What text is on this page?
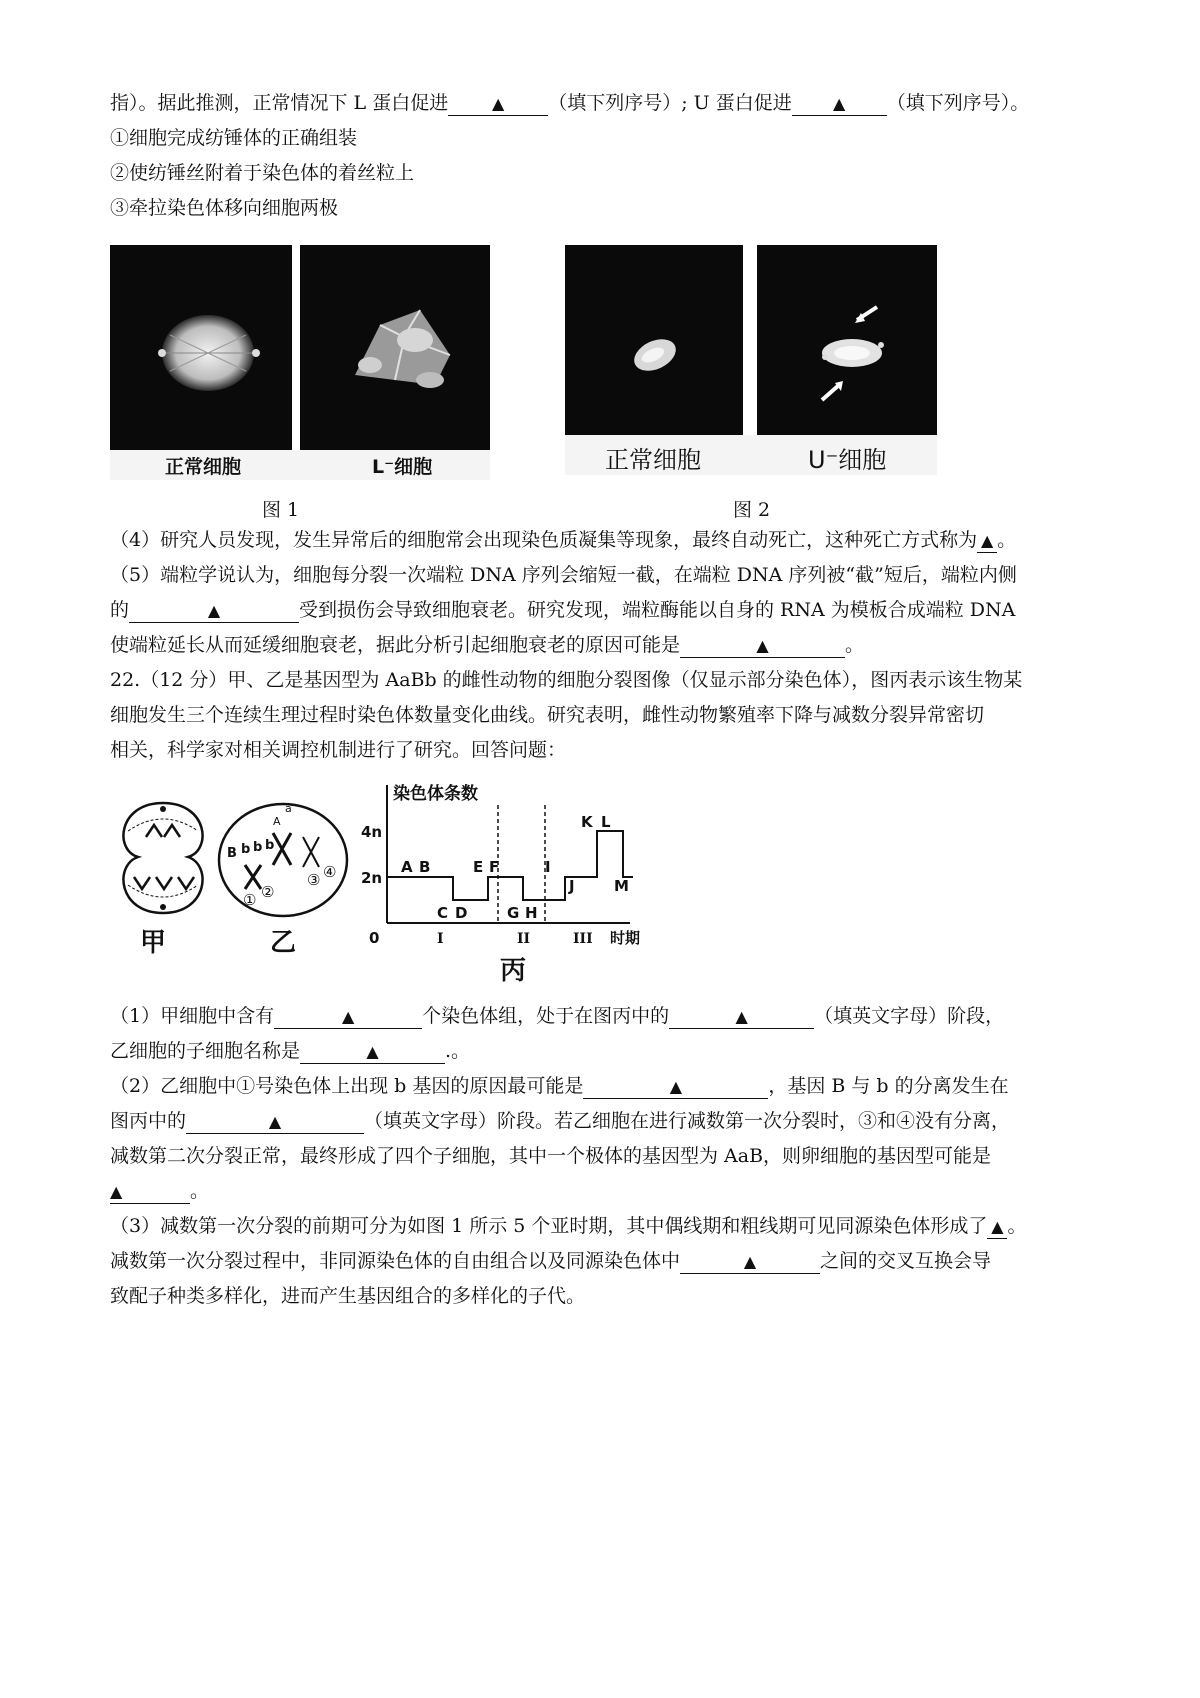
指）。据此推测，正常情况下 L 蛋白促进	▲ （填下列序号）; U 蛋白促进	▲ （填下列序号）。
①细胞完成纺锤体的正确组装
②使纺锤丝附着于染色体的着丝粒上
③牵拉染色体移向细胞两极
正常细胞	L⁻细胞
图 1
正常细胞	U⁻细胞
图 2
（4）研究人员发现，发生异常后的细胞常会出现染色质凝集等现象，最终自动死亡，这种死亡方式称为 ▲ 。
（5）端粒学说认为，细胞每分裂一次端粒 DNA 序列会缩短一截，在端粒 DNA 序列被“截”短后，端粒内侧
的	▲	受到损伤会导致细胞衰老。研究发现，端粒酶能以自身的 RNA 为模板合成端粒 DNA
使端粒延长从而延缓细胞衰老，据此分析引起细胞衰老的原因可能是	▲	。
22.（12 分）甲、乙是基因型为 AaBb 的雌性动物的细胞分裂图像（仅显示部分染色体），图丙表示该生物某
细胞发生三个连续生理过程时染色体数量变化曲线。研究表明，雌性动物繁殖率下降与减数分裂异常密切
相关，科学家对相关调控机制进行了研究。回答问题：
甲
a
A
B b b b
① ②
③ ④
乙
染色体条数
4n
2n
0	时期
A B
C D
E F
G H
I
J
K L
M
I	II	III
丙
（1）甲细胞中含有	▲	个染色体组，处于在图丙中的	▲	（填英文字母）阶段，
乙细胞的子细胞名称是	▲	.。
（2）乙细胞中①号染色体上出现 b 基因的原因最可能是	▲	，基因 B 与 b 的分离发生在
图丙中的	▲	（填英文字母）阶段。若乙细胞在进行减数第一次分裂时，③和④没有分离，
减数第二次分裂正常，最终形成了四个子细胞，其中一个极体的基因型为 AaB，则卵细胞的基因型可能是
▲	。
（3）减数第一次分裂的前期可分为如图 1 所示 5 个亚时期，其中偶线期和粗线期可见同源染色体形成了 ▲ 。
减数第一次分裂过程中，非同源染色体的自由组合以及同源染色体中	▲	之间的交叉互换会导
致配子种类多样化，进而产生基因组合的多样化的子代。
